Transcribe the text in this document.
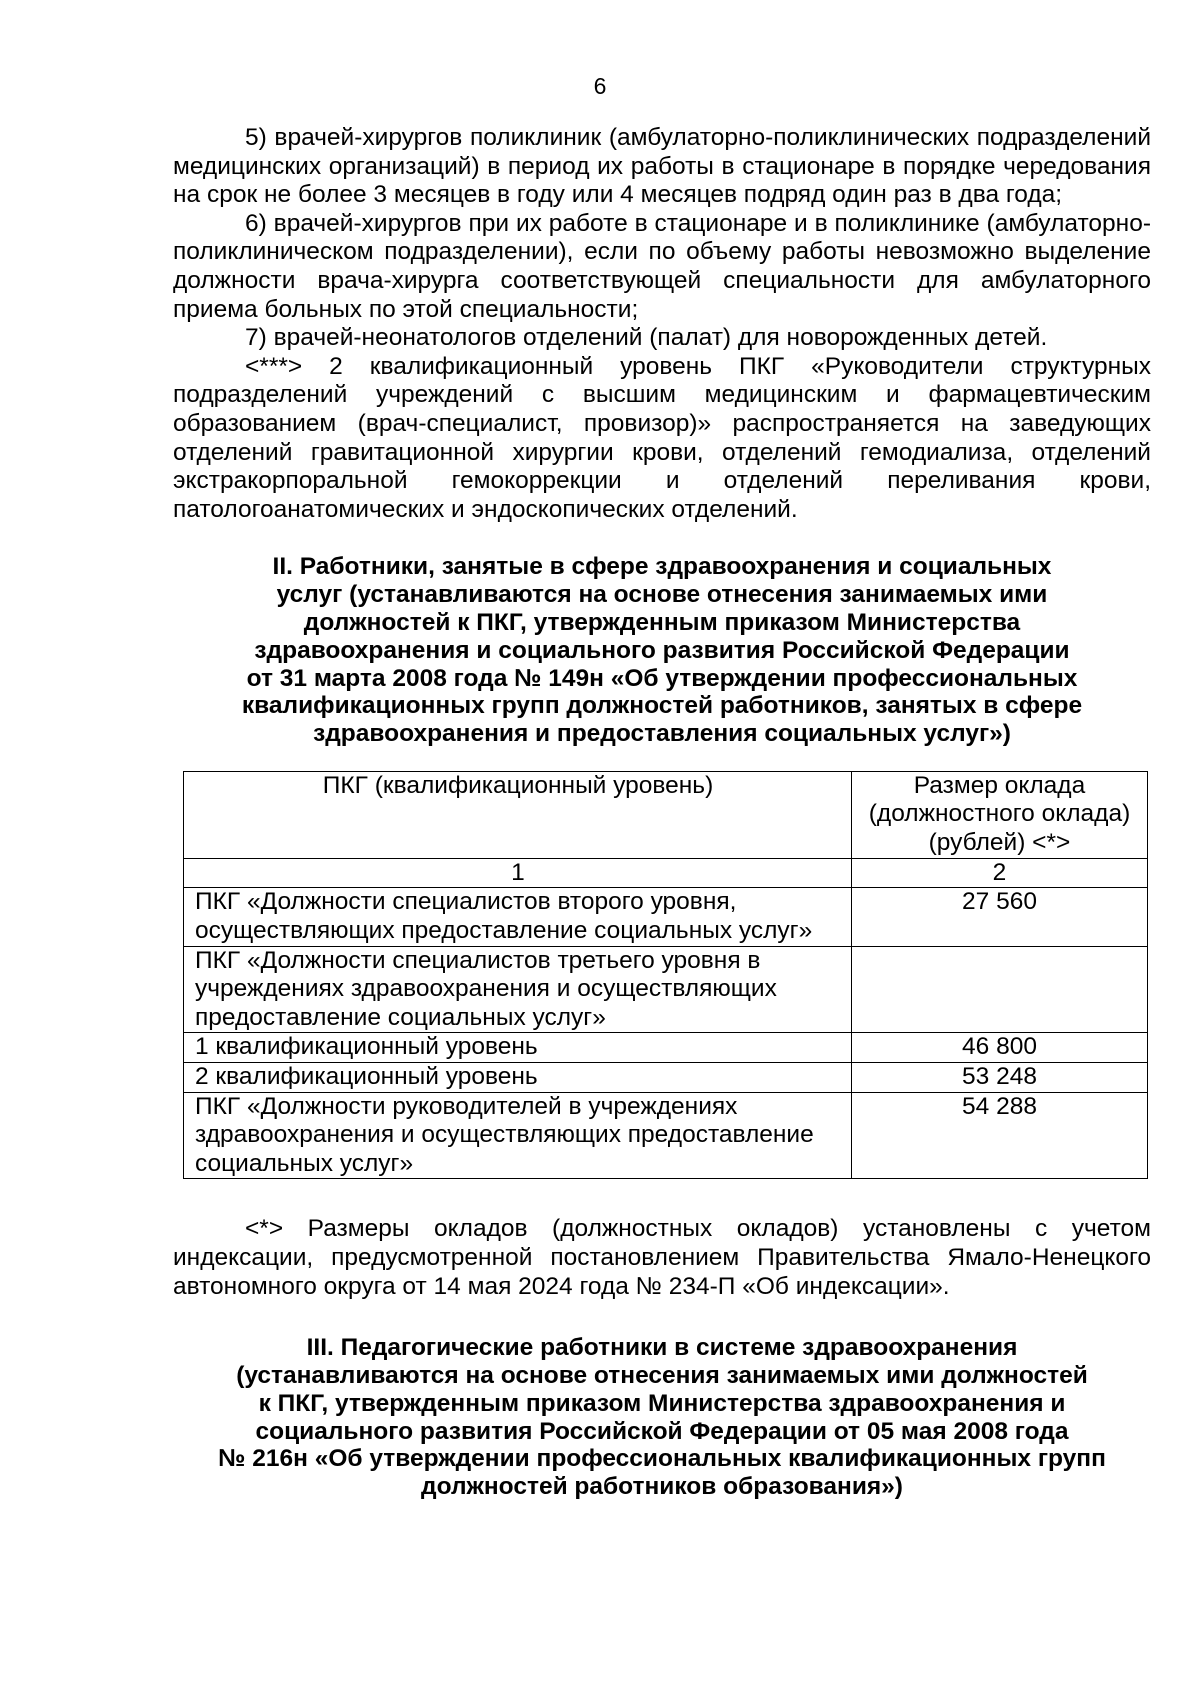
6

5) врачей-хирургов поликлиник (амбулаторно-поликлинических подразделений медицинских организаций) в период их работы в стационаре в порядке чередования на срок не более 3 месяцев в году или 4 месяцев подряд один раз в два года;

6) врачей-хирургов при их работе в стационаре и в поликлинике (амбулаторно-поликлиническом подразделении), если по объему работы невозможно выделение должности врача-хирурга соответствующей специальности для амбулаторного приема больных по этой специальности;

7) врачей-неонатологов отделений (палат) для новорожденных детей.

<***> 2 квалификационный уровень ПКГ «Руководители структурных подразделений учреждений с высшим медицинским и фармацевтическим образованием (врач-специалист, провизор)» распространяется на заведующих отделений гравитационной хирургии крови, отделений гемодиализа, отделений экстракорпоральной гемокоррекции и отделений переливания крови, патологоанатомических и эндоскопических отделений.

II. Работники, занятые в сфере здравоохранения и социальных
услуг (устанавливаются на основе отнесения занимаемых ими
должностей к ПКГ, утвержденным приказом Министерства
здравоохранения и социального развития Российской Федерации
от 31 марта 2008 года № 149н «Об утверждении профессиональных
квалификационных групп должностей работников, занятых в сфере
здравоохранения и предоставления социальных услуг»)
ПКГ (квалификационный уровень)	Размер оклада (должностного оклада) (рублей) <*>
1	2
ПКГ «Должности специалистов второго уровня, осуществляющих предоставление социальных услуг»	27 560
ПКГ «Должности специалистов третьего уровня в учреждениях здравоохранения и осуществляющих предоставление социальных услуг»	
1 квалификационный уровень	46 800
2 квалификационный уровень	53 248
ПКГ «Должности руководителей в учреждениях здравоохранения и осуществляющих предоставление социальных услуг»	54 288

<*> Размеры окладов (должностных окладов) установлены с учетом индексации, предусмотренной постановлением Правительства Ямало-Ненецкого автономного округа от 14 мая 2024 года № 234-П «Об индексации».

III. Педагогические работники в системе здравоохранения
(устанавливаются на основе отнесения занимаемых ими должностей
к ПКГ, утвержденным приказом Министерства здравоохранения и
социального развития Российской Федерации от 05 мая 2008 года
№ 216н «Об утверждении профессиональных квалификационных групп
должностей работников образования»)
